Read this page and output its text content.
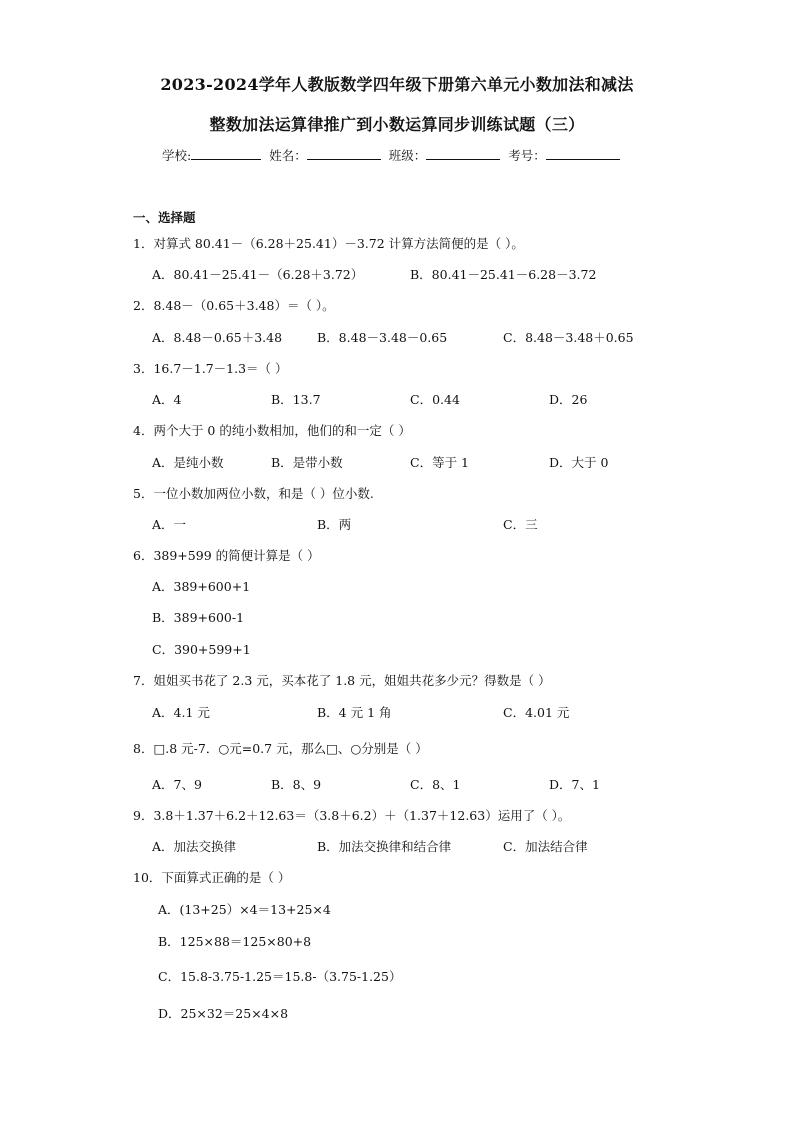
2023-2024学年人教版数学四年级下册第六单元小数加法和减法
整数加法运算律推广到小数运算同步训练试题（三）
学校:	姓名：	班级：	考号：
一、选择题
1．对算式 80.41－（6.28＋25.41）－3.72 计算方法简便的是（ ）。
A．80.41－25.41－（6.28＋3.72）	B．80.41－25.41－6.28－3.72
2．8.48－（0.65＋3.48）＝（ ）。
A．8.48－0.65＋3.48	B．8.48－3.48－0.65	C．8.48－3.48＋0.65
3．16.7－1.7－1.3＝（ ）
A．4	B．13.7	C．0.44	D．26
4．两个大于 0 的纯小数相加，他们的和一定（ ）
A．是纯小数	B．是带小数	C．等于 1	D．大于 0
5．一位小数加两位小数，和是（ ）位小数.
A．一	B．两	C．三
6．389+599 的简便计算是（ ）
A．389+600+1
B．389+600-1
C．390+599+1
7．姐姐买书花了 2.3 元，买本花了 1.8 元，姐姐共花多少元？得数是（ ）
A．4.1 元	B．4 元 1 角	C．4.01 元
8．□.8 元-7．○元=0.7 元，那么□、○分别是（ ）
A．7、9	B．8、9	C．8、1	D．7、1
9．3.8＋1.37＋6.2＋12.63＝（3.8＋6.2）＋（1.37＋12.63）运用了（ ）。
A．加法交换律	B．加法交换律和结合律	C．加法结合律
10．下面算式正确的是（ ）
A．(13+25）×4＝13+25×4
B．125×88＝125×80+8
C．15.8-3.75-1.25＝15.8-（3.75-1.25）
D．25×32＝25×4×8
